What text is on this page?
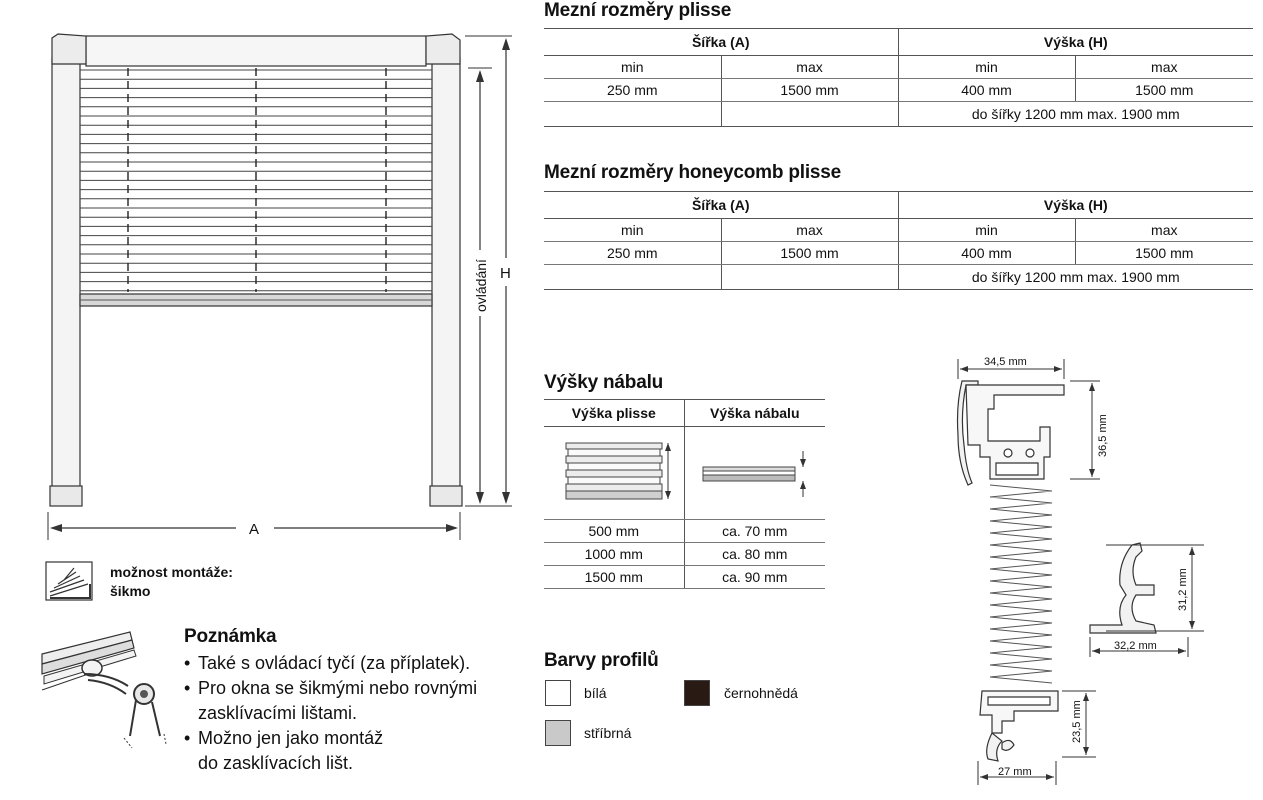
H
ovládání
A
možnost montáže:
šikmo
Poznámka
• Také s ovládací tyčí (za příplatek).
• Pro okna se šikmými nebo rovnými
zasklívacími lištami.
• Možno jen jako montáž
do zasklívacích lišt.
Mezní rozměry plisse
Šířka (A)		Výška (H)	
min	max	min	max
250 mm	1500 mm	400 mm	1500 mm
		do šířky 1200 mm max. 1900 mm	
Mezní rozměry honeycomb plisse
Šířka (A)		Výška (H)	
min	max	min	max
250 mm	1500 mm	400 mm	1500 mm
		do šířky 1200 mm max. 1900 mm	
Výšky nábalu
Výška plisse	Výška nábalu

500 mm	ca. 70 mm
1000 mm	ca. 80 mm
1500 mm	ca. 90 mm
Barvy profilů
bílá	černohnědá
stříbrná
34,5 mm
36,5 mm
31,2 mm
32,2 mm
23,5 mm
27 mm
